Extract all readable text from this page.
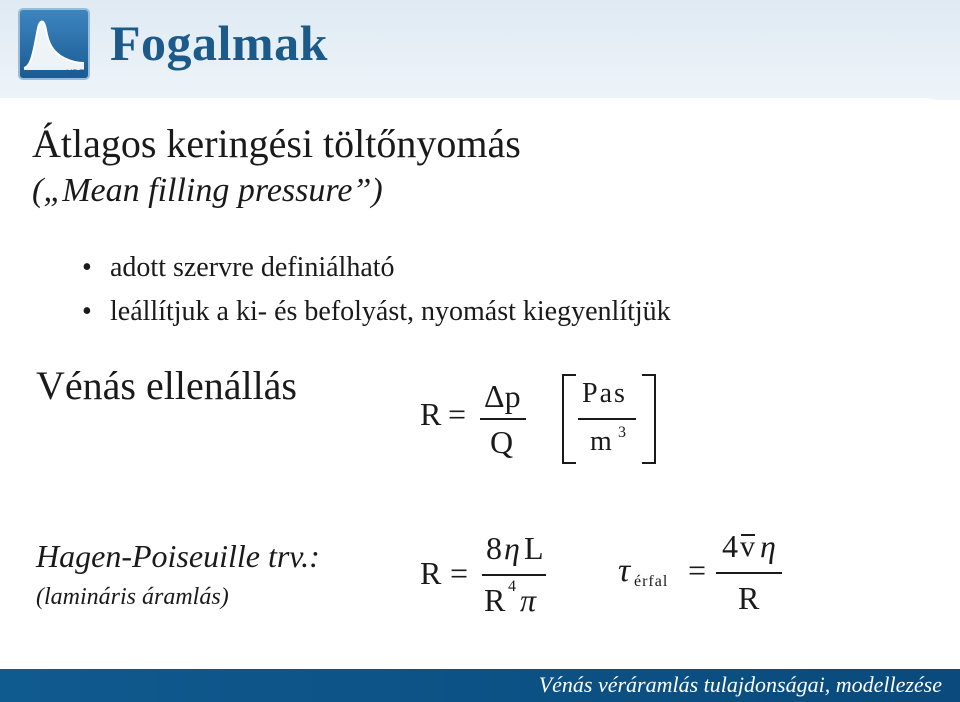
HDR
Fogalmak
Átlagos keringési töltőnyomás
(„Mean filling pressure”)
• adott szervre definiálható
• leállítjuk a ki- és befolyást, nyomást kiegyenlítjük
Vénás ellenállás
R = Δp
Q
Pas
m 3
Hagen-Poiseuille trv.:
(lamináris áramlás)
R =
8 η L
R 4 π
τ érfal =
4 v η
R
Vénás véráramlás tulajdonságai, modellezése
